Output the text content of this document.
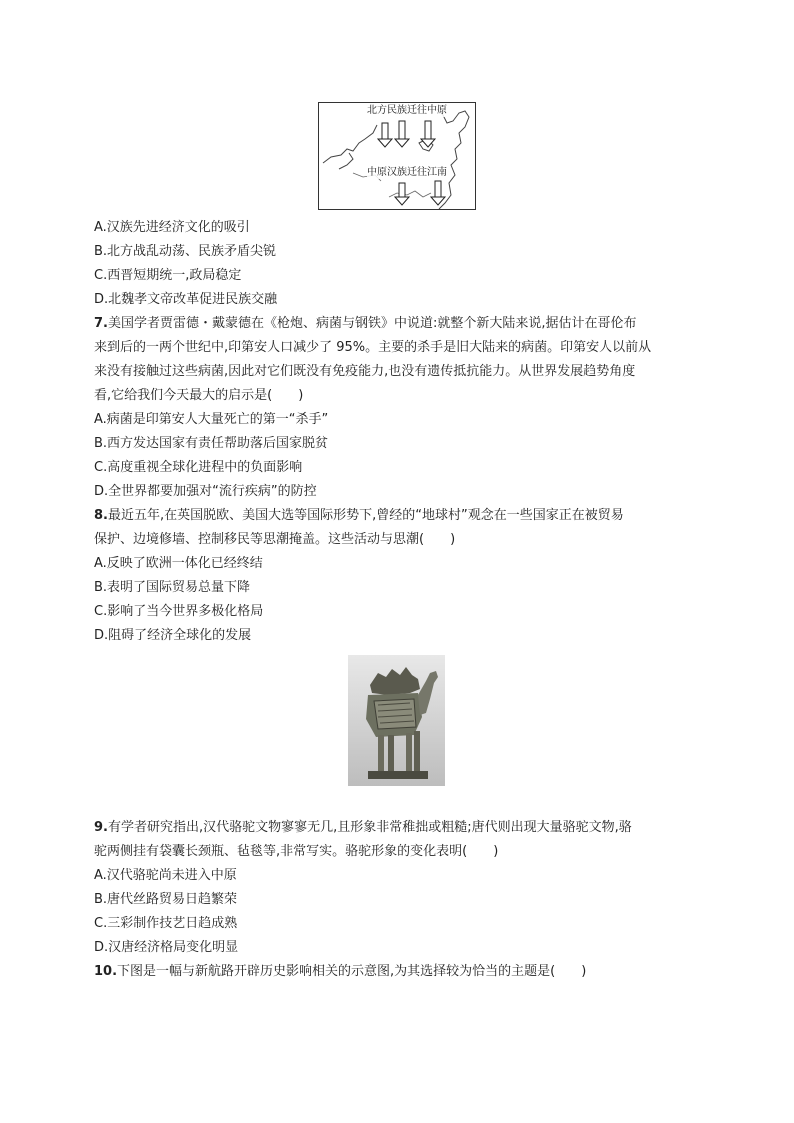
北方民族迁往中原
中原汉族迁往江南
A.汉族先进经济文化的吸引
B.北方战乱动荡、民族矛盾尖锐
C.西晋短期统一,政局稳定
D.北魏孝文帝改革促进民族交融
7.美国学者贾雷德・戴蒙德在《枪炮、病菌与钢铁》中说道:就整个新大陆来说,据估计在哥伦布
来到后的一两个世纪中,印第安人口减少了 95%。主要的杀手是旧大陆来的病菌。印第安人以前从
来没有接触过这些病菌,因此对它们既没有免疫能力,也没有遗传抵抗能力。从世界发展趋势角度
看,它给我们今天最大的启示是(　　)
A.病菌是印第安人大量死亡的第一“杀手”
B.西方发达国家有责任帮助落后国家脱贫
C.高度重视全球化进程中的负面影响
D.全世界都要加强对“流行疾病”的防控
8.最近五年,在英国脱欧、美国大选等国际形势下,曾经的“地球村”观念在一些国家正在被贸易
保护、边境修墙、控制移民等思潮掩盖。这些活动与思潮(　　)
A.反映了欧洲一体化已经终结
B.表明了国际贸易总量下降
C.影响了当今世界多极化格局
D.阻碍了经济全球化的发展
9.有学者研究指出,汉代骆驼文物寥寥无几,且形象非常稚拙或粗糙;唐代则出现大量骆驼文物,骆
驼两侧挂有袋囊长颈瓶、毡毯等,非常写实。骆驼形象的变化表明(　　)
A.汉代骆驼尚未进入中原
B.唐代丝路贸易日趋繁荣
C.三彩制作技艺日趋成熟
D.汉唐经济格局变化明显
10.下图是一幅与新航路开辟历史影响相关的示意图,为其选择较为恰当的主题是(　　)
